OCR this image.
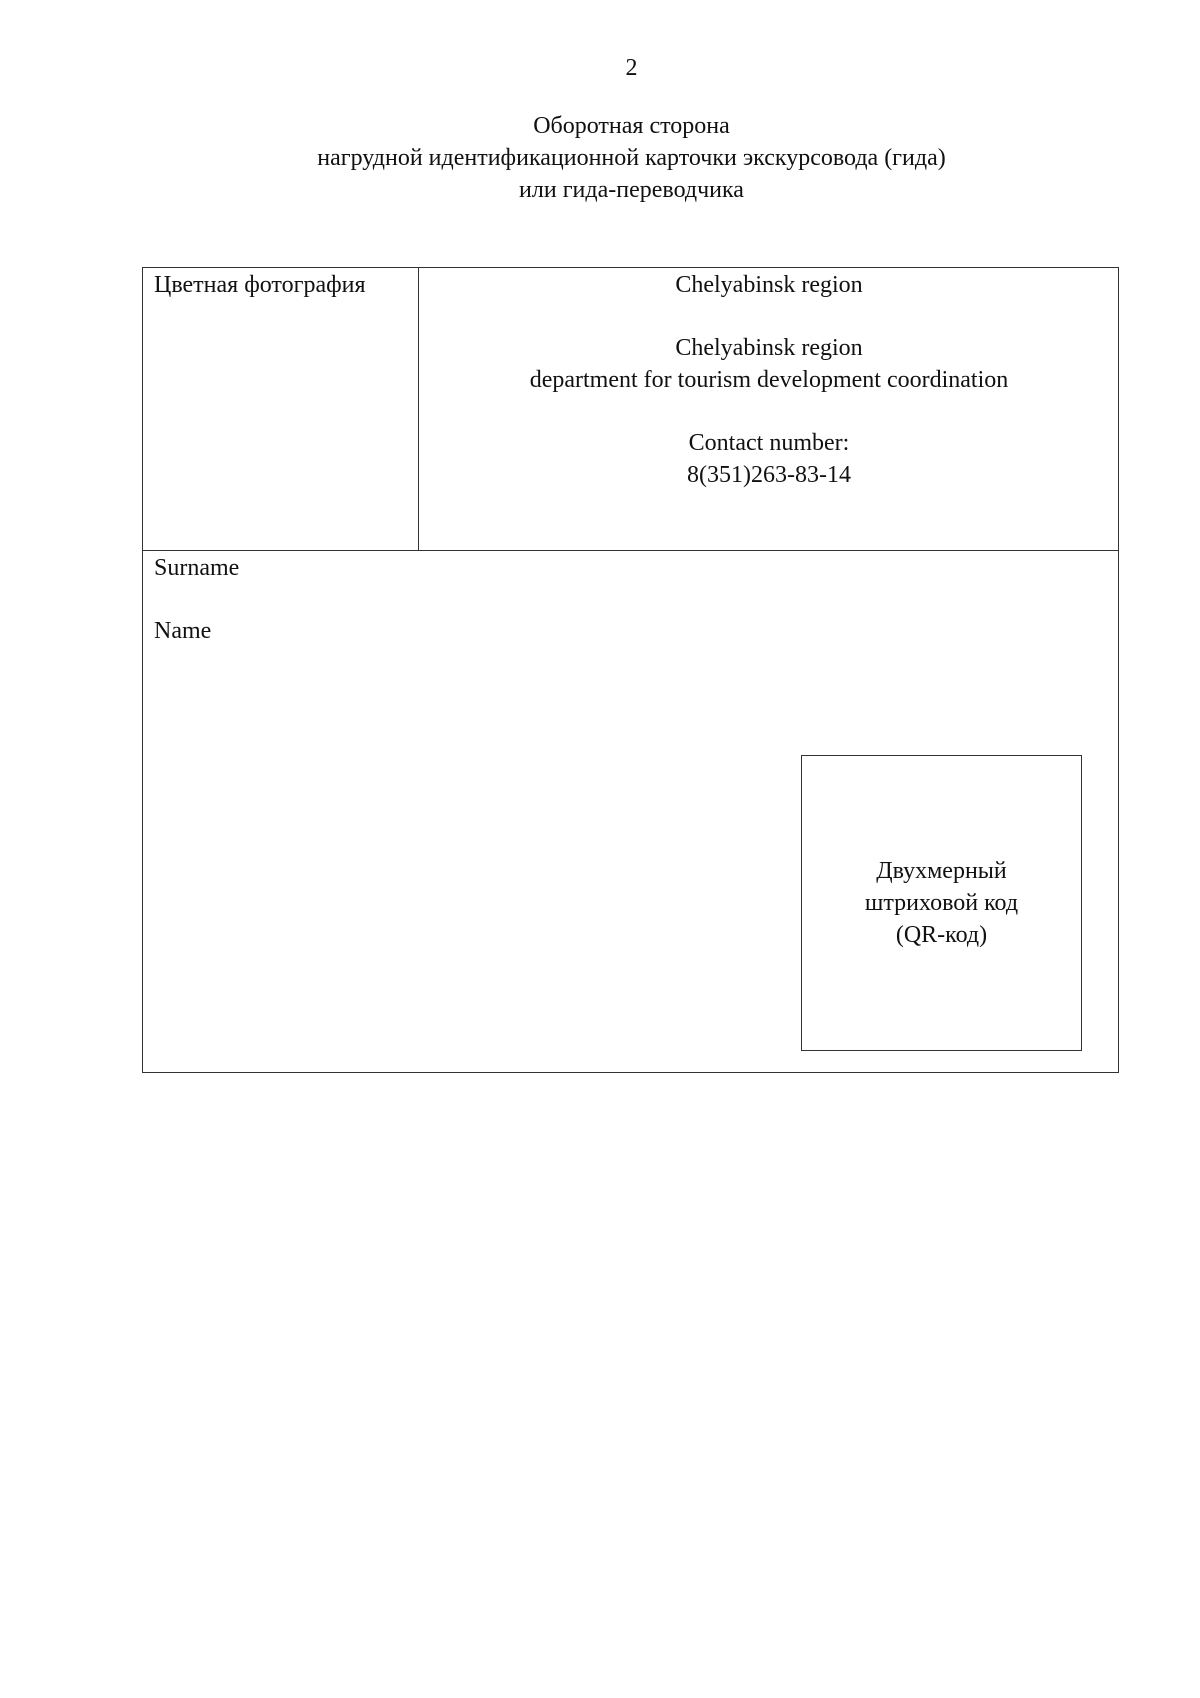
2
Оборотная сторона
нагрудной идентификационной карточки экскурсовода (гида)
или гида-переводчика
Цветная фотография	Chelyabinsk region
Chelyabinsk region
department for tourism development coordination
Contact number:
8(351)263-83-14
Surname
Name
Двухмерный
штриховой код
(QR-код)
